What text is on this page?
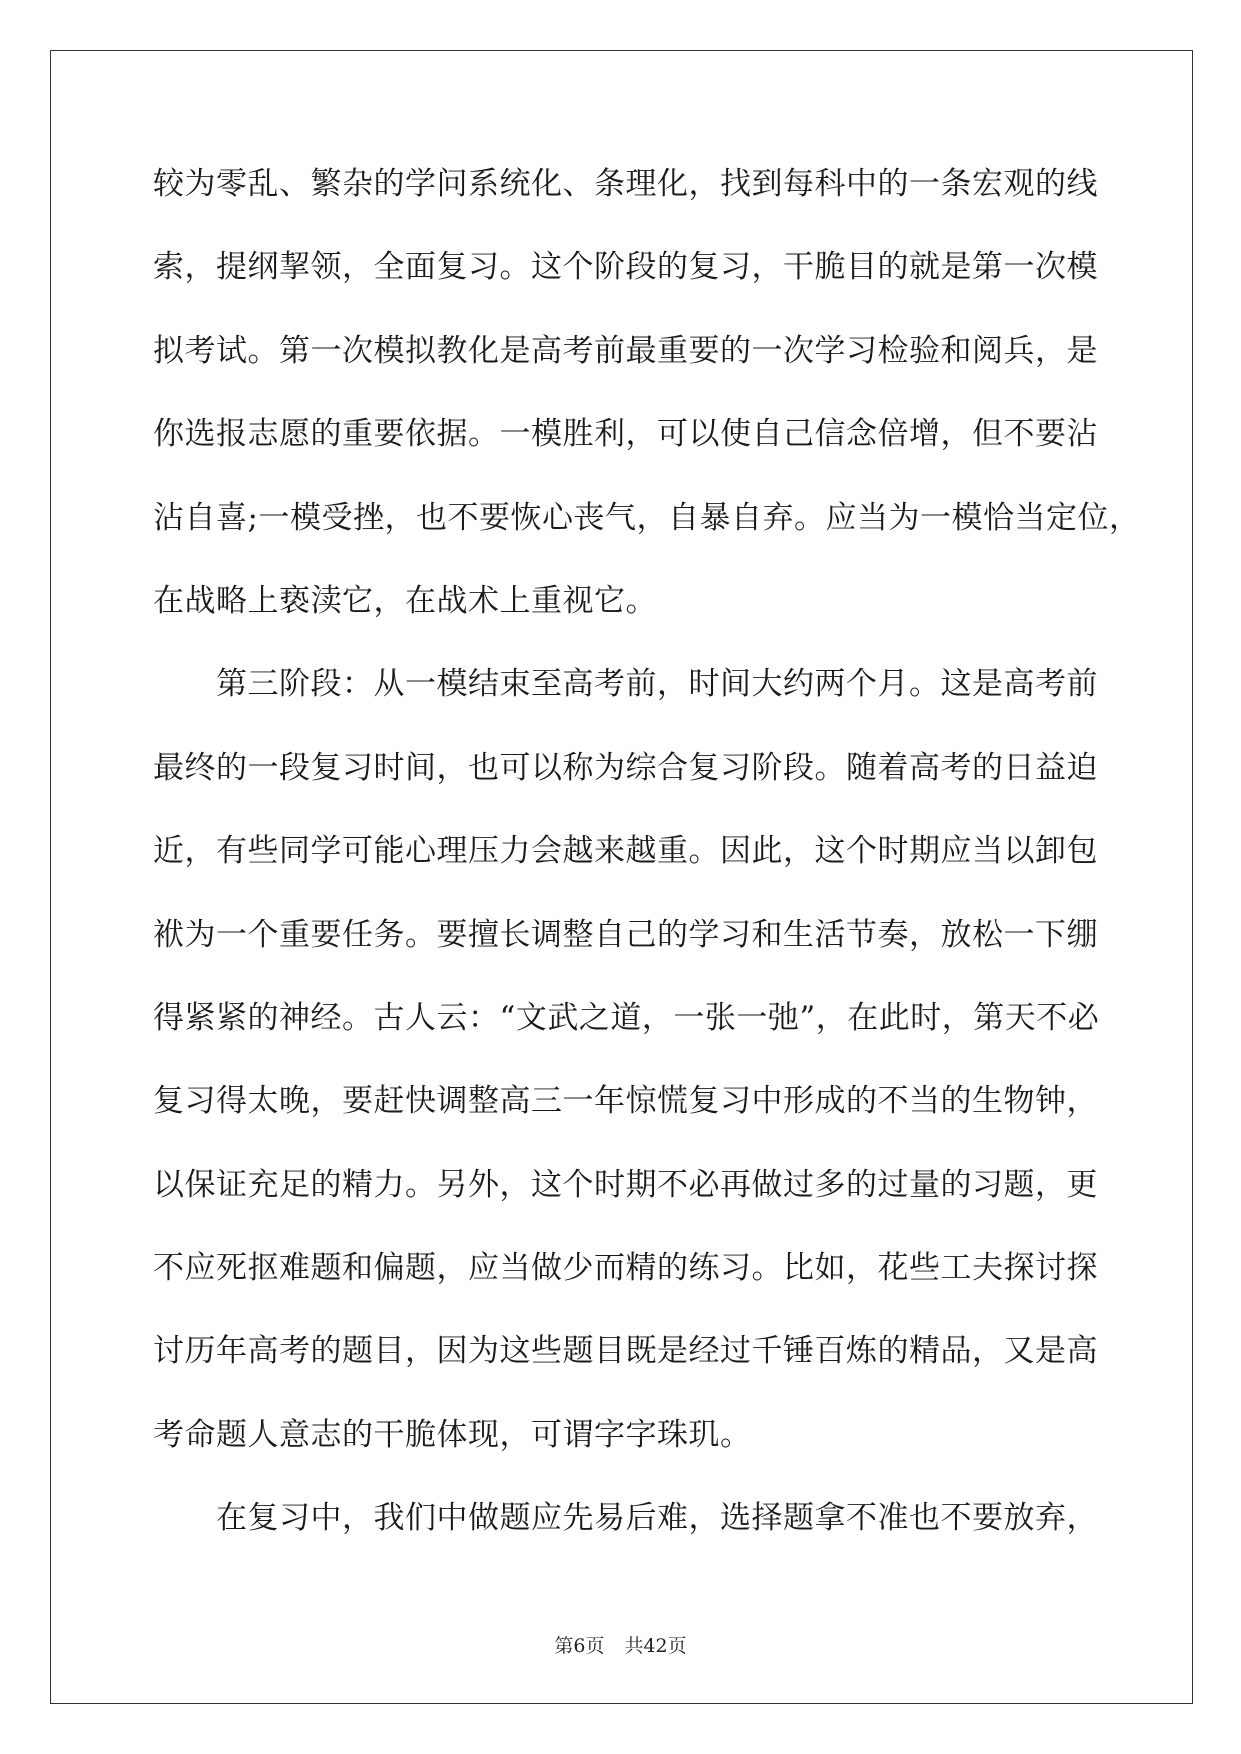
较为零乱、繁杂的学问系统化、条理化，找到每科中的一条宏观的线
索，提纲挈领，全面复习。这个阶段的复习，干脆目的就是第一次模
拟考试。第一次模拟教化是高考前最重要的一次学习检验和阅兵，是
你选报志愿的重要依据。一模胜利，可以使自己信念倍增，但不要沾
沾自喜;一模受挫，也不要恢心丧气，自暴自弃。应当为一模恰当定位，
在战略上亵渎它，在战术上重视它。
　　第三阶段：从一模结束至高考前，时间大约两个月。这是高考前
最终的一段复习时间，也可以称为综合复习阶段。随着高考的日益迫
近，有些同学可能心理压力会越来越重。因此，这个时期应当以卸包
袱为一个重要任务。要擅长调整自己的学习和生活节奏，放松一下绷
得紧紧的神经。古人云：“文武之道，一张一弛”，在此时，第天不必
复习得太晚，要赶快调整高三一年惊慌复习中形成的不当的生物钟，
以保证充足的精力。另外，这个时期不必再做过多的过量的习题，更
不应死抠难题和偏题，应当做少而精的练习。比如，花些工夫探讨探
讨历年高考的题目，因为这些题目既是经过千锤百炼的精品，又是高
考命题人意志的干脆体现，可谓字字珠玑。
　　在复习中，我们中做题应先易后难，选择题拿不准也不要放弃，
第6页 共42页
